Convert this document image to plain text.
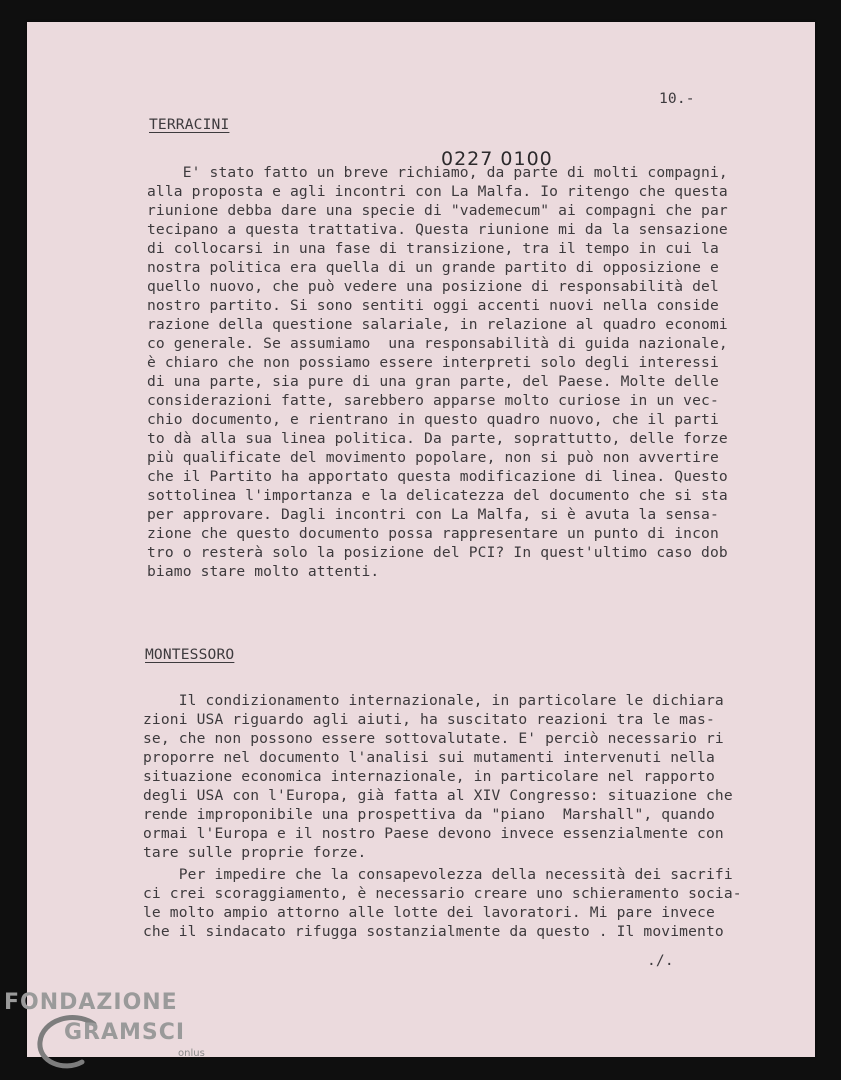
10.-
0227 0100
TERRACINI
E' stato fatto un breve richiamo, da parte di molti compagni,
alla proposta e agli incontri con La Malfa. Io ritengo che questa
riunione debba dare una specie di "vademecum" ai compagni che par
tecipano a questa trattativa. Questa riunione mi da la sensazione
di collocarsi in una fase di transizione, tra il tempo in cui la
nostra politica era quella di un grande partito di opposizione e
quello nuovo, che può vedere una posizione di responsabilità del
nostro partito. Si sono sentiti oggi accenti nuovi nella conside
razione della questione salariale, in relazione al quadro economi
co generale. Se assumiamo  una responsabilità di guida nazionale,
è chiaro che non possiamo essere interpreti solo degli interessi
di una parte, sia pure di una gran parte, del Paese. Molte delle
considerazioni fatte, sarebbero apparse molto curiose in un vec-
chio documento, e rientrano in questo quadro nuovo, che il parti
to dà alla sua linea politica. Da parte, soprattutto, delle forze
più qualificate del movimento popolare, non si può non avvertire
che il Partito ha apportato questa modificazione di linea. Questo
sottolinea l'importanza e la delicatezza del documento che si sta
per approvare. Dagli incontri con La Malfa, si è avuta la sensa-
zione che questo documento possa rappresentare un punto di incon
tro o resterà solo la posizione del PCI? In quest'ultimo caso dob
biamo stare molto attenti.
MONTESSORO
Il condizionamento internazionale, in particolare le dichiara
zioni USA riguardo agli aiuti, ha suscitato reazioni tra le mas-
se, che non possono essere sottovalutate. E' perciò necessario ri
proporre nel documento l'analisi sui mutamenti intervenuti nella
situazione economica internazionale, in particolare nel rapporto
degli USA con l'Europa, già fatta al XIV Congresso: situazione che
rende improponibile una prospettiva da "piano  Marshall", quando
ormai l'Europa e il nostro Paese devono invece essenzialmente con
tare sulle proprie forze.
Per impedire che la consapevolezza della necessità dei sacrifi
ci crei scoraggiamento, è necessario creare uno schieramento socia-
le molto ampio attorno alle lotte dei lavoratori. Mi pare invece
che il sindacato rifugga sostanzialmente da questo . Il movimento
./.
FONDAZIONE
GRAMSCI
onlus
